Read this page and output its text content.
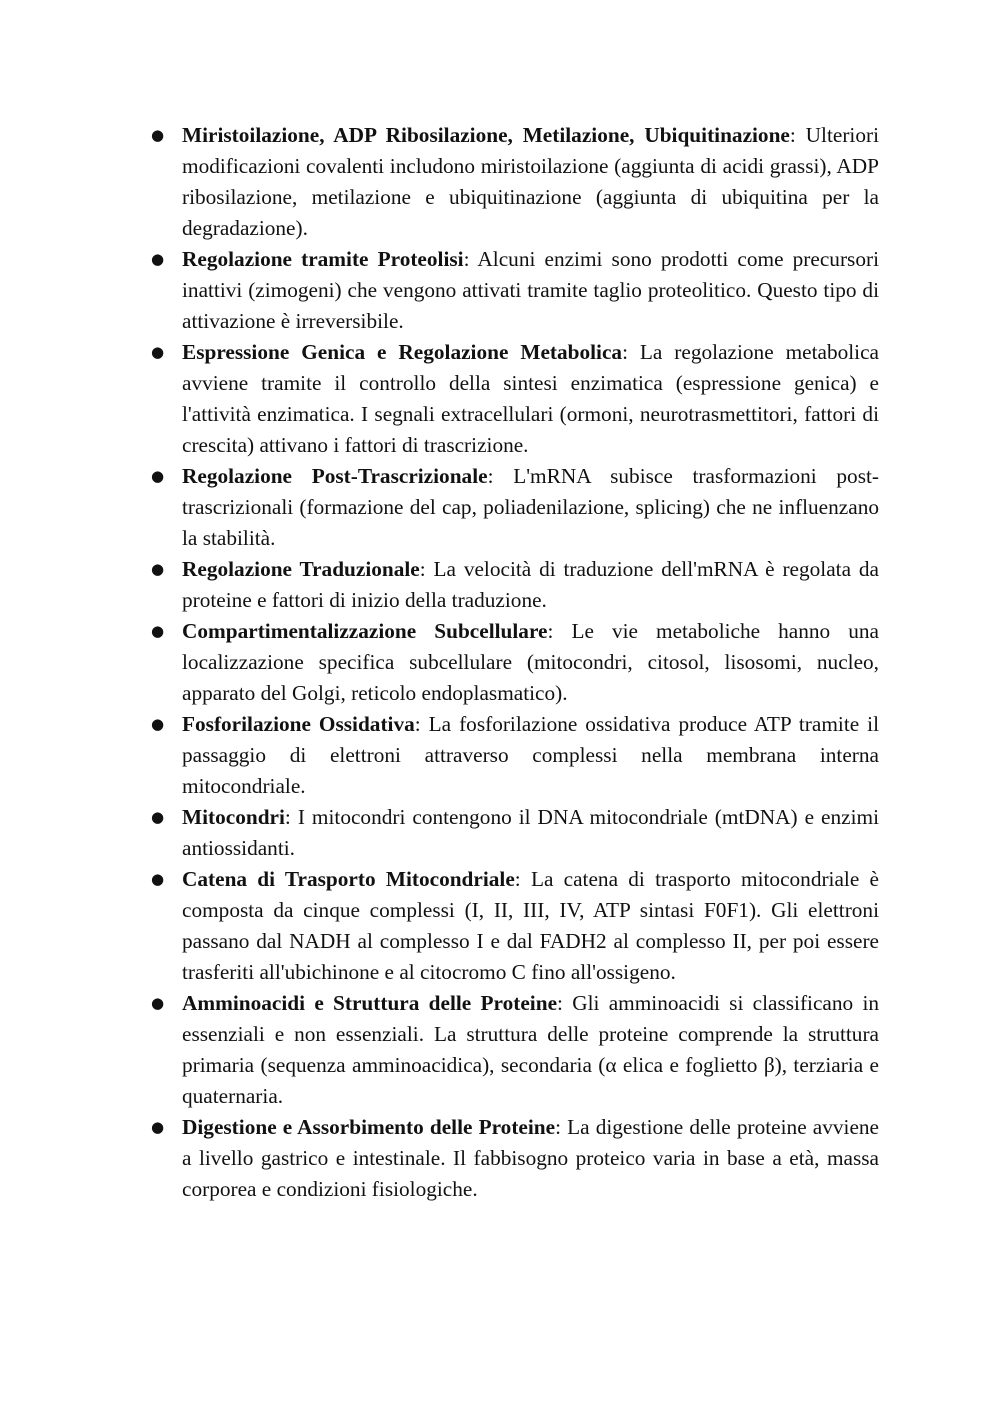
● Miristoilazione, ADP Ribosilazione, Metilazione, Ubiquitinazione: Ulteriori modificazioni covalenti includono miristoilazione (aggiunta di acidi grassi), ADP ribosilazione, metilazione e ubiquitinazione (aggiunta di ubiquitina per la degradazione).
● Regolazione tramite Proteolisi: Alcuni enzimi sono prodotti come precursori inattivi (zimogeni) che vengono attivati tramite taglio proteolitico. Questo tipo di attivazione è irreversibile.
● Espressione Genica e Regolazione Metabolica: La regolazione metabolica avviene tramite il controllo della sintesi enzimatica (espressione genica) e l'attività enzimatica. I segnali extracellulari (ormoni, neurotrasmettitori, fattori di crescita) attivano i fattori di trascrizione.
● Regolazione Post-Trascrizionale: L'mRNA subisce trasformazioni post-trascrizionali (formazione del cap, poliadenilazione, splicing) che ne influenzano la stabilità.
● Regolazione Traduzionale: La velocità di traduzione dell'mRNA è regolata da proteine e fattori di inizio della traduzione.
● Compartimentalizzazione Subcellulare: Le vie metaboliche hanno una localizzazione specifica subcellulare (mitocondri, citosol, lisosomi, nucleo, apparato del Golgi, reticolo endoplasmatico).
● Fosforilazione Ossidativa: La fosforilazione ossidativa produce ATP tramite il passaggio di elettroni attraverso complessi nella membrana interna mitocondriale.
● Mitocondri: I mitocondri contengono il DNA mitocondriale (mtDNA) e enzimi antiossidanti.
● Catena di Trasporto Mitocondriale: La catena di trasporto mitocondriale è composta da cinque complessi (I, II, III, IV, ATP sintasi F0F1). Gli elettroni passano dal NADH al complesso I e dal FADH2 al complesso II, per poi essere trasferiti all'ubichinone e al citocromo C fino all'ossigeno.
● Amminoacidi e Struttura delle Proteine: Gli amminoacidi si classificano in essenziali e non essenziali. La struttura delle proteine comprende la struttura primaria (sequenza amminoacidica), secondaria (α elica e foglietto β), terziaria e quaternaria.
● Digestione e Assorbimento delle Proteine: La digestione delle proteine avviene a livello gastrico e intestinale. Il fabbisogno proteico varia in base a età, massa corporea e condizioni fisiologiche.
